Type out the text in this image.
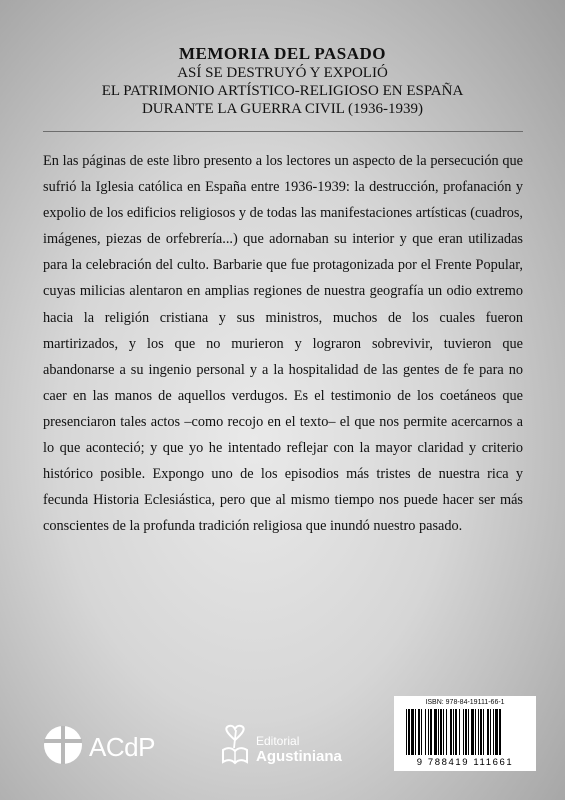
MEMORIA DEL PASADO
ASÍ SE DESTRUYÓ Y EXPOLIÓ
EL PATRIMONIO ARTÍSTICO-RELIGIOSO EN ESPAÑA
DURANTE LA GUERRA CIVIL (1936-1939)

En las páginas de este libro presento a los lectores un aspecto de la persecución que sufrió la Iglesia católica en España entre 1936-1939: la destrucción, profanación y expolio de los edificios religiosos y de todas las manifestaciones artísticas (cuadros, imágenes, piezas de orfebrería...) que adornaban su interior y que eran utilizadas para la celebración del culto. Barbarie que fue protagonizada por el Frente Popular, cuyas milicias alentaron en amplias regiones de nuestra geografía un odio extremo hacia la religión cristiana y sus ministros, muchos de los cuales fueron martirizados, y los que no murieron y lograron sobrevivir, tuvieron que abandonarse a su ingenio personal y a la hospitalidad de las gentes de fe para no caer en las manos de aquellos verdugos. Es el testimonio de los coetáneos que presenciaron tales actos –como recojo en el texto– el que nos permite acercarnos a lo que aconteció; y que yo he intentado reflejar con la mayor claridad y criterio histórico posible. Expongo uno de los episodios más tristes de nuestra rica y fecunda Historia Eclesiástica, pero que al mismo tiempo nos puede hacer ser más conscientes de la profunda tradición religiosa que inundó nuestro pasado.

ACdP	Editorial
Agustiniana
ISBN: 978-84-19111-66-1
9 788419 111661
